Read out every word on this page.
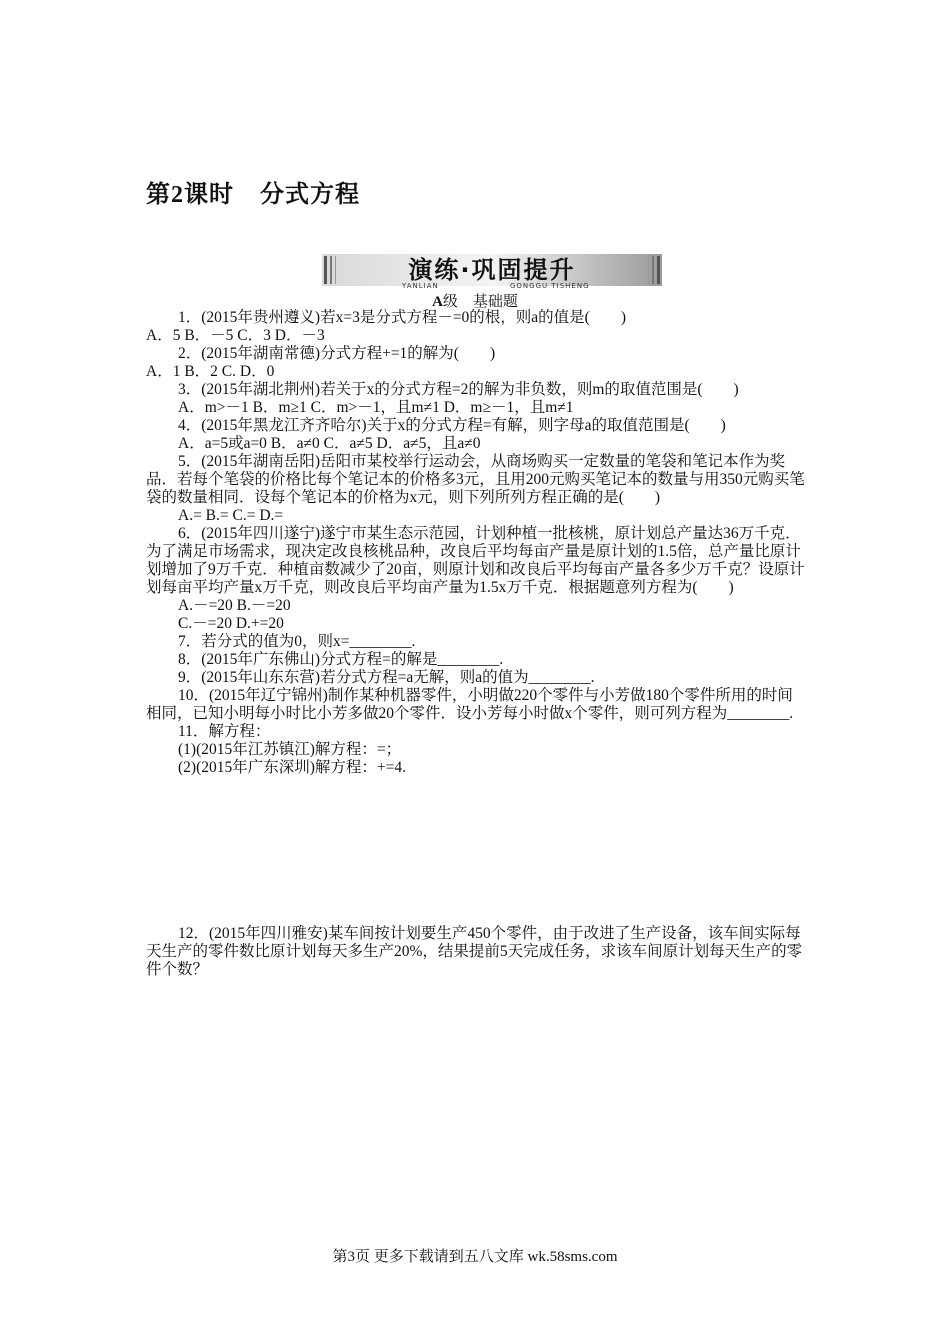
第2课时 分式方程
演练·巩固提升
YANLIAN	GONGGU TISHENG
A级　基础题

1．(2015年贵州遵义)若x=3是分式方程－=0的根，则a的值是(　　)

A．5 B．－5 C．3 D．－3

2．(2015年湖南常德)分式方程+=1的解为(　　)

A．1 B．2 C. D．0

3．(2015年湖北荆州)若关于x的分式方程=2的解为非负数，则m的取值范围是(　　)

A．m>－1 B．m≥1 C．m>－1，且m≠1 D．m≥－1，且m≠1

4．(2015年黑龙江齐齐哈尔)关于x的分式方程=有解，则字母a的取值范围是(　　)

A．a=5或a=0 B．a≠0 C．a≠5 D．a≠5，且a≠0

5．(2015年湖南岳阳)岳阳市某校举行运动会，从商场购买一定数量的笔袋和笔记本作为奖品．若每个笔袋的价格比每个笔记本的价格多3元，且用200元购买笔记本的数量与用350元购买笔袋的数量相同．设每个笔记本的价格为x元，则下列所列方程正确的是(　　)

A.= B.= C.= D.=

6．(2015年四川遂宁)遂宁市某生态示范园，计划种植一批核桃，原计划总产量达36万千克．为了满足市场需求，现决定改良核桃品种，改良后平均每亩产量是原计划的1.5倍，总产量比原计划增加了9万千克．种植亩数减少了20亩，则原计划和改良后平均每亩产量各多少万千克？设原计划每亩平均产量x万千克，则改良后平均亩产量为1.5x万千克．根据题意列方程为(　　)

A.－=20 B.－=20

C.－=20 D.+=20

7．若分式的值为0，则x=________.

8．(2015年广东佛山)分式方程=的解是________.

9．(2015年山东东营)若分式方程=a无解，则a的值为________.

10．(2015年辽宁锦州)制作某种机器零件，小明做220个零件与小芳做180个零件所用的时间相同，已知小明每小时比小芳多做20个零件．设小芳每小时做x个零件，则可列方程为________.

11．解方程：

(1)(2015年江苏镇江)解方程：=；

(2)(2015年广东深圳)解方程：+=4.

12．(2015年四川雅安)某车间按计划要生产450个零件，由于改进了生产设备，该车间实际每天生产的零件数比原计划每天多生产20%，结果提前5天完成任务，求该车间原计划每天生产的零件个数？

第3页 更多下载请到五八文库 wk.58sms.com
